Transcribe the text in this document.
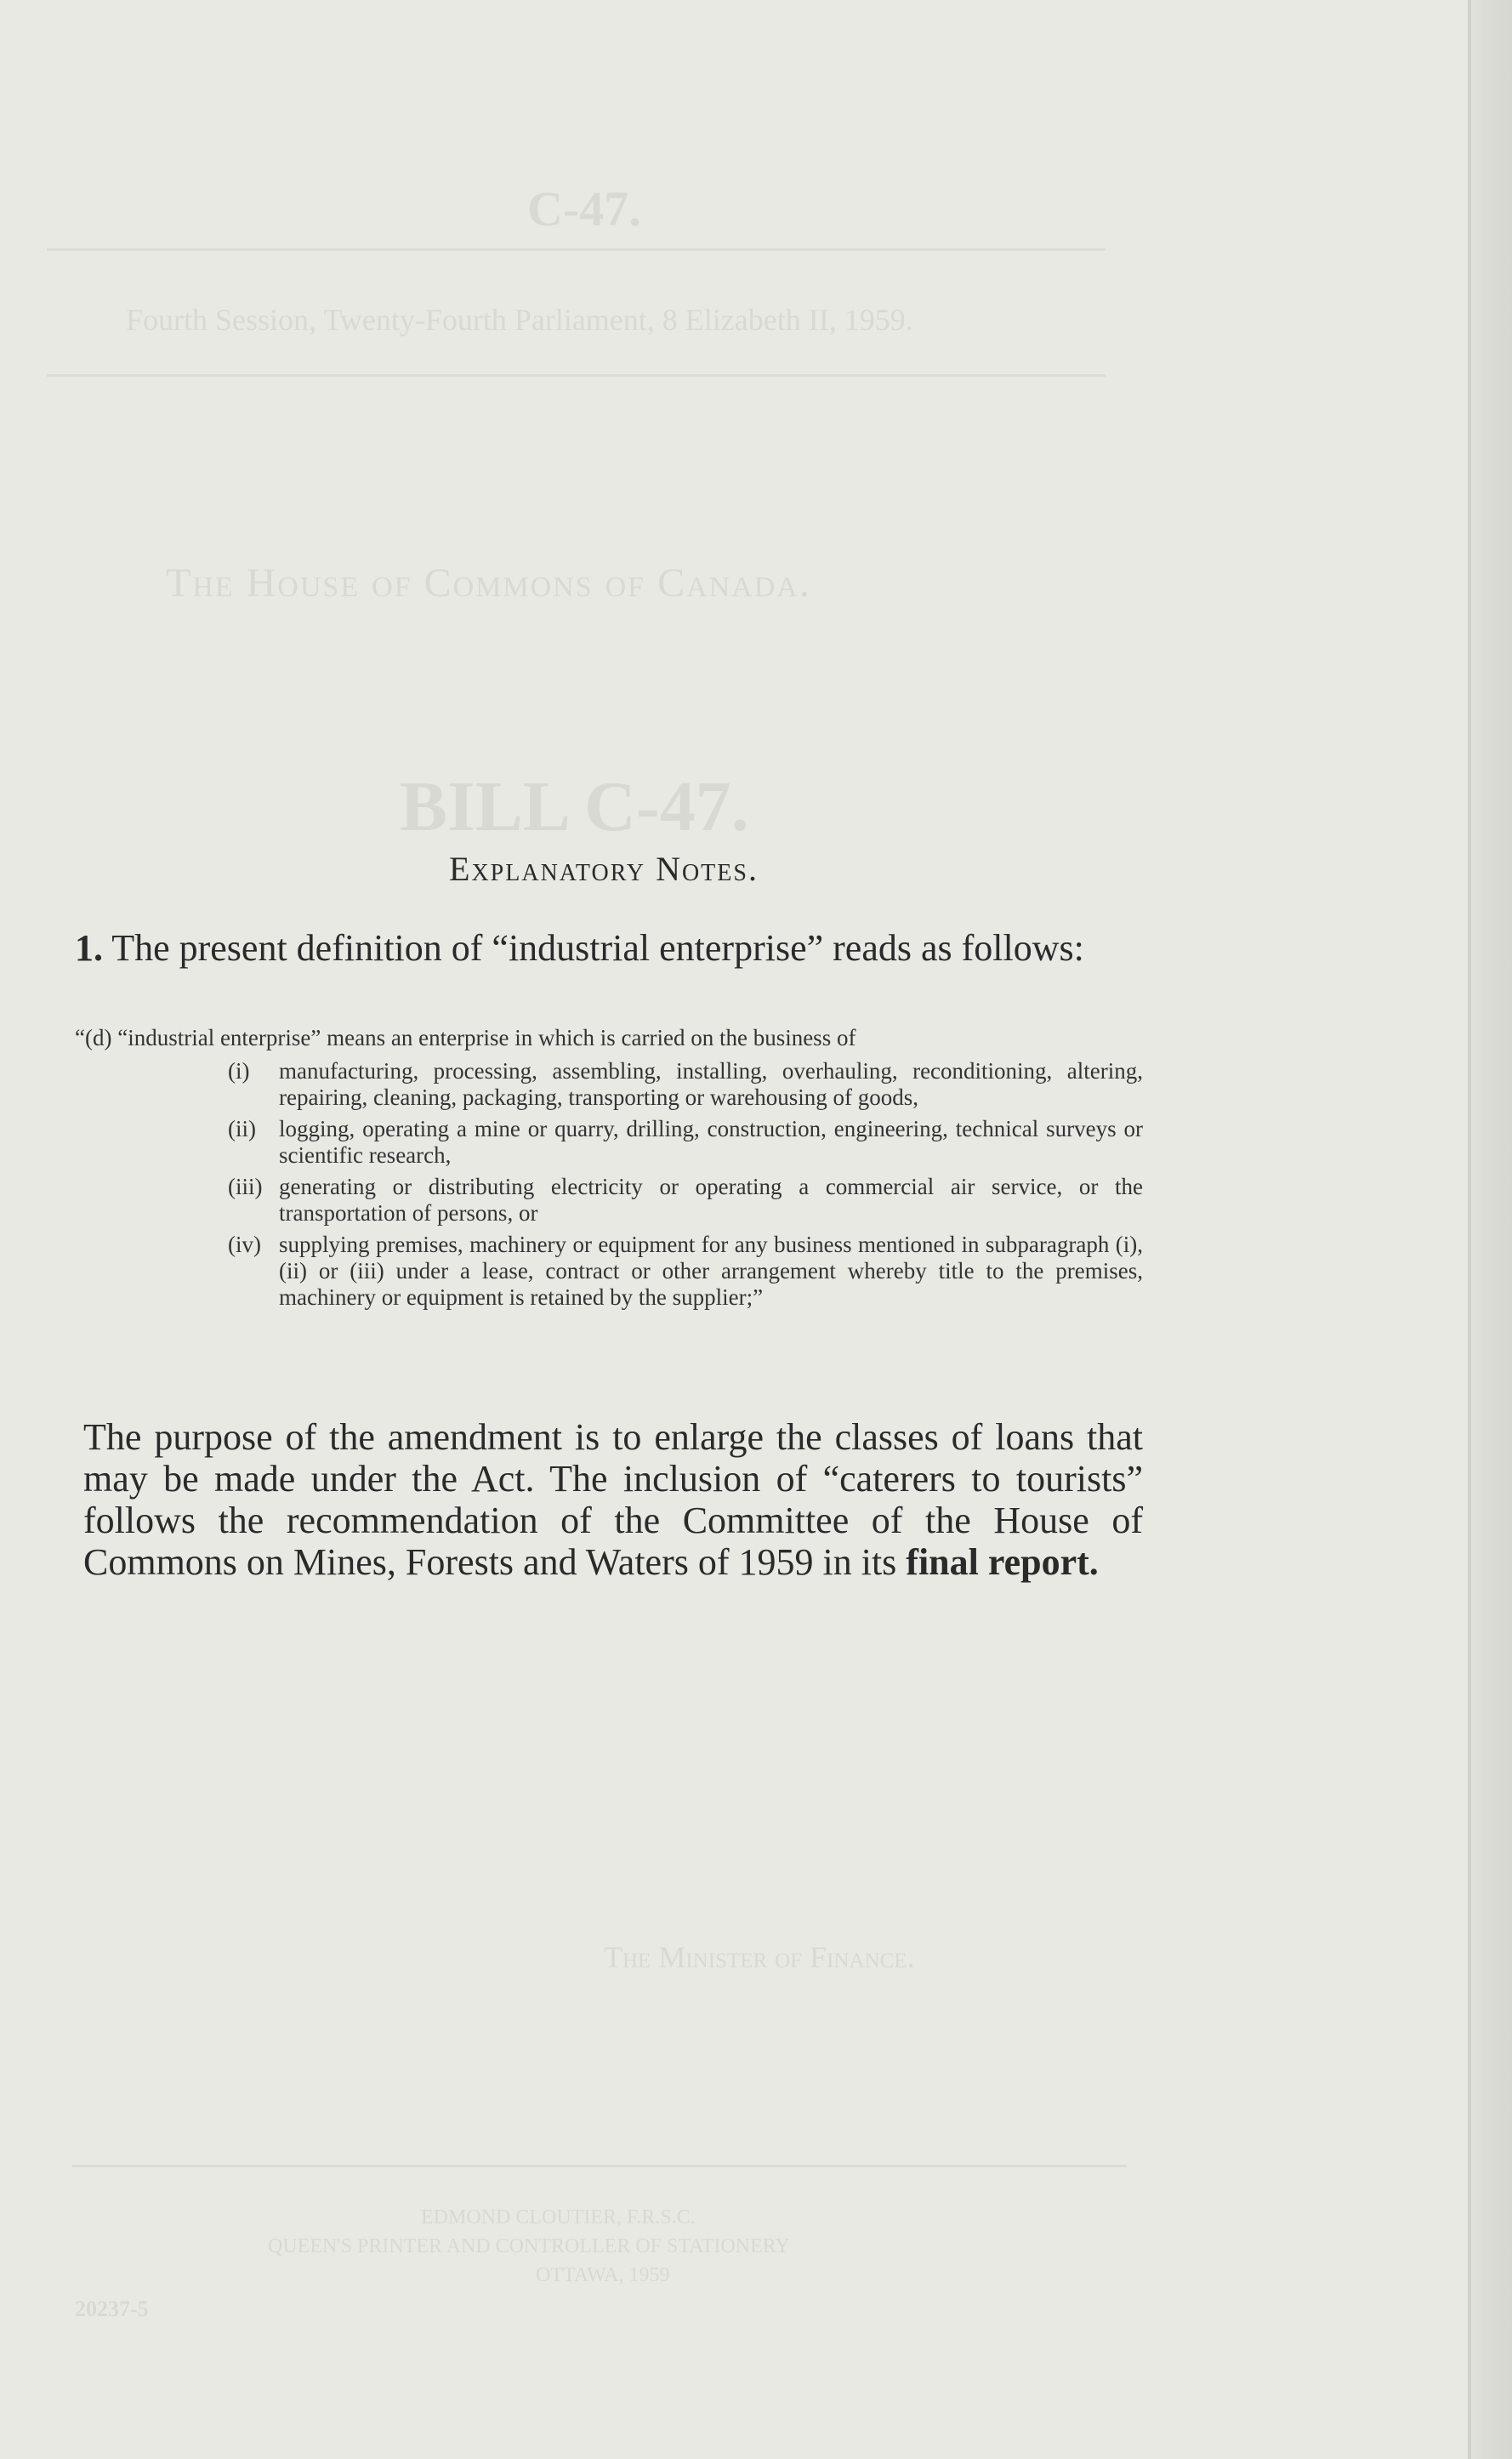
C-47.

Fourth Session, Twenty-Fourth Parliament, 8 Elizabeth II, 1959.

The House of Commons of Canada.

BILL C-47.

The Minister of Finance.

EDMOND CLOUTIER, F.R.S.C.

QUEEN'S PRINTER AND CONTROLLER OF STATIONERY

OTTAWA, 1959

20237-5

Explanatory Notes.

1. The present definition of “industrial enterprise” reads as follows:

“(d) “industrial enterprise” means an enterprise in which is carried on the business of

(i)	manufacturing, processing, assembling, installing, overhauling, reconditioning, altering, repairing, cleaning, packaging, transporting or warehousing of goods,
(ii)	logging, operating a mine or quarry, drilling, construction, engineering, technical surveys or scientific research,
(iii) generating or distributing electricity or operating a commercial air service, or the transportation of persons, or
(iv) supplying premises, machinery or equipment for any business mentioned in subparagraph (i), (ii) or (iii) under a lease, contract or other arrangement whereby title to the premises, machinery or equipment is retained by the supplier;”

The purpose of the amendment is to enlarge the classes of loans that may be made under the Act. The inclusion of “caterers to tourists” follows the recommendation of the Committee of the House of Commons on Mines, Forests and Waters of 1959 in its final report.
